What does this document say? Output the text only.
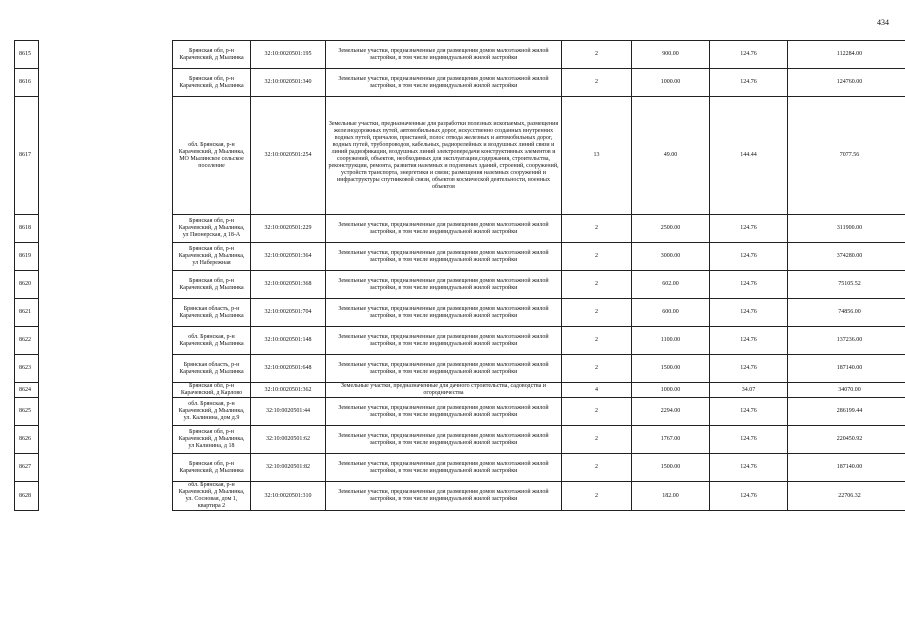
434
8615		Брянская обл, р-н Карачевский, д Мылинка	32:10:0020501:195	Земельные участки, предназначенные для размещения домов малоэтажной жилой застройки, в том числе индивидуальной жилой застройки	2	900.00	124.76	112284.00
8616		Брянская обл, р-н Карачевский, д Мылинка	32:10:0020501:340	Земельные участки, предназначенные для размещения домов малоэтажной жилой застройки, в том числе индивидуальной жилой застройки	2	1000.00	124.76	124760.00
8617		обл. Брянская, р-н Карачевский, д Мылинка, МО Мылинское сельское поселение	32:10:0020501:254	Земельные участки, предназначенные для разработки полезных ископаемых, размещения железнодорожных путей, автомобильных дорог, искусственно созданных внутренних водных путей, причалов, пристаней, полос отвода железных и автомобильных дорог, водных путей, трубопроводов, кабельных, радиорелейных и воздушных линий связи и линий радиофикации, воздушных линий электропередачи конструктивных элементов и сооружений, объектов, необходимых для эксплуатации,содержания, строительства, реконструкции, ремонта, развития наземных и подземных зданий, строений, сооружений, устройств транспорта, энергетики и связи; размещения наземных сооружений и инфраструктуры спутниковой связи, объектов космической деятельности, военных объектов	13	49.00	144.44	7077.56
8618		Брянская обл, р-н Карачевский, д Мылинка, ул Пионерская, д 18-А	32:10:0020501:229	Земельные участки, предназначенные для размещения домов малоэтажной жилой застройки, в том числе индивидуальной жилой застройки	2	2500.00	124.76	311900.00
8619		Брянская обл, р-н Карачевский, д Мылинка, ул Набережная	32:10:0020501:364	Земельные участки, предназначенные для размещения домов малоэтажной жилой застройки, в том числе индивидуальной жилой застройки	2	3000.00	124.76	374280.00
8620		Брянская обл, р-н Карачевский, д Мылинка	32:10:0020501:368	Земельные участки, предназначенные для размещения домов малоэтажной жилой застройки, в том числе индивидуальной жилой застройки	2	602.00	124.76	75105.52
8621		Брянская область, р-н Карачевский, д Мылинка	32:10:0020501:704	Земельные участки, предназначенные для размещения домов малоэтажной жилой застройки, в том числе индивидуальной жилой застройки	2	600.00	124.76	74856.00
8622		обл. Брянская, р-н Карачевский, д Мылинка	32:10:0020501:148	Земельные участки, предназначенные для размещения домов малоэтажной жилой застройки, в том числе индивидуальной жилой застройки	2	1100.00	124.76	137236.00
8623		Брянская область, р-н Карачевский, д Мылинка	32:10:0020501:648	Земельные участки, предназначенные для размещения домов малоэтажной жилой застройки, в том числе индивидуальной жилой застройки	2	1500.00	124.76	187140.00
8624		Брянская обл, р-н Карачевский, д Карлово	32:10:0020501:362	Земельные участки, предназначенные для дачного строительства, садоводства и огородничества	4	1000.00	34.07	34070.00
8625		обл. Брянская, р-н Карачевский, д Мылинка, ул. Калинина, дом д.9	32:10:0020501:44	Земельные участки, предназначенные для размещения домов малоэтажной жилой застройки, в том числе индивидуальной жилой застройки	2	2294.00	124.76	286199.44
8626		Брянская обл, р-н Карачевский, д Мылинка, ул Калинина, д 18	32:10:0020501:62	Земельные участки, предназначенные для размещения домов малоэтажной жилой застройки, в том числе индивидуальной жилой застройки	2	1767.00	124.76	220450.92
8627		Брянская обл, р-н Карачевский, д Мылинка	32:10:0020501:82	Земельные участки, предназначенные для размещения домов малоэтажной жилой застройки, в том числе индивидуальной жилой застройки	2	1500.00	124.76	187140.00
8628		обл. Брянская, р-н Карачевский, д Мылинка, ул. Сосновая, дом 1, квартира 2	32:10:0020501:310	Земельные участки, предназначенные для размещения домов малоэтажной жилой застройки, в том числе индивидуальной жилой застройки	2	182.00	124.76	22706.32
